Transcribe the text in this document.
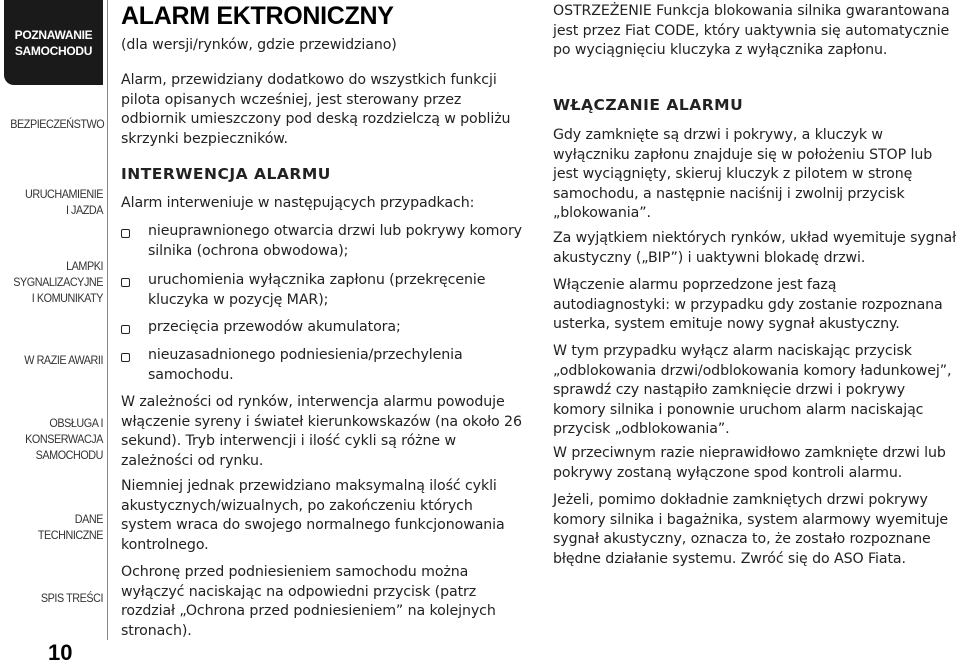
POZNAWANIE
SAMOCHODU
BEZPIECZEŃSTWO
URUCHAMIENIE
I JAZDA
LAMPKI
SYGNALIZACYJNE
I KOMUNIKATY
W RAZIE AWARII
OBSŁUGA I
KONSERWACJA
SAMOCHODU
DANE TECHNICZNE
SPIS TREŚCI
10
ALARM EKTRONICZNY

(dla wersji/rynków, gdzie przewidziano)

Alarm, przewidziany dodatkowo do wszystkich funkcji pilota opisanych wcześniej, jest sterowany przez odbiornik umieszczony pod deską rozdzielczą w pobliżu skrzynki bezpieczników.

INTERWENCJA ALARMU

Alarm interweniuje w następujących przypadkach:

nieuprawnionego otwarcia drzwi lub pokrywy komory silnika (ochrona obwodowa);

uruchomienia wyłącznika zapłonu (przekręcenie kluczyka w pozycję MAR);

przecięcia przewodów akumulatora;

nieuzasadnionego podniesienia/przechylenia samochodu.

W zależności od rynków, interwencja alarmu powoduje włączenie syreny i świateł kierunkowskazów (na około 26 sekund). Tryb interwencji i ilość cykli są różne w zależności od rynku.

Niemniej jednak przewidziano maksymalną ilość cykli akustycznych/wizualnych, po zakończeniu których system wraca do swojego normalnego funkcjonowania kontrolnego.

Ochronę przed podniesieniem samochodu można wyłączyć naciskając na odpowiedni przycisk (patrz rozdział „Ochrona przed podniesieniem” na kolejnych stronach).

OSTRZEŻENIE Funkcja blokowania silnika gwarantowana jest przez Fiat CODE, który uaktywnia się automatycznie po wyciągnięciu kluczyka z wyłącznika zapłonu.

WŁĄCZANIE ALARMU

Gdy zamknięte są drzwi i pokrywy, a kluczyk w wyłączniku zapłonu znajduje się w położeniu STOP lub jest wyciągnięty, skieruj kluczyk z pilotem w stronę samochodu, a następnie naciśnij i zwolnij przycisk „blokowania”.

Za wyjątkiem niektórych rynków, układ wyemituje sygnał akustyczny („BIP”) i uaktywni blokadę drzwi.

Włączenie alarmu poprzedzone jest fazą autodiagnostyki: w przypadku gdy zostanie rozpoznana usterka, system emituje nowy sygnał akustyczny.

W tym przypadku wyłącz alarm naciskając przycisk „odblokowania drzwi/odblokowania komory ładunkowej”, sprawdź czy nastąpiło zamknięcie drzwi i pokrywy komory silnika i ponownie uruchom alarm naciskając przycisk „odblokowania”.

W przeciwnym razie nieprawidłowo zamknięte drzwi lub pokrywy zostaną wyłączone spod kontroli alarmu.

Jeżeli, pomimo dokładnie zamkniętych drzwi pokrywy komory silnika i bagażnika, system alarmowy wyemituje sygnał akustyczny, oznacza to, że zostało rozpoznane błędne działanie systemu. Zwróć się do ASO Fiata.
